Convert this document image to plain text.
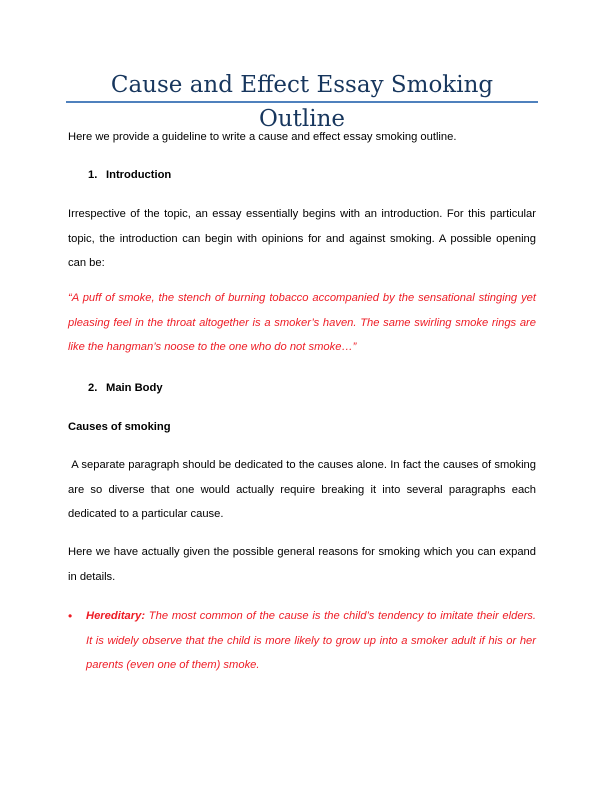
Cause and Effect Essay Smoking Outline
Here we provide a guideline to write a cause and effect essay smoking outline.
1. Introduction
Irrespective of the topic, an essay essentially begins with an introduction. For this particular topic, the introduction can begin with opinions for and against smoking. A possible opening can be:
“A puff of smoke, the stench of burning tobacco accompanied by the sensational stinging yet pleasing feel in the throat altogether is a smoker’s haven. The same swirling smoke rings are like the hangman’s noose to the one who do not smoke…”
2. Main Body
Causes of smoking
A separate paragraph should be dedicated to the causes alone. In fact the causes of smoking are so diverse that one would actually require breaking it into several paragraphs each dedicated to a particular cause.
Here we have actually given the possible general reasons for smoking which you can expand in details.
• Hereditary: The most common of the cause is the child’s tendency to imitate their elders. It is widely observe that the child is more likely to grow up into a smoker adult if his or her parents (even one of them) smoke.
